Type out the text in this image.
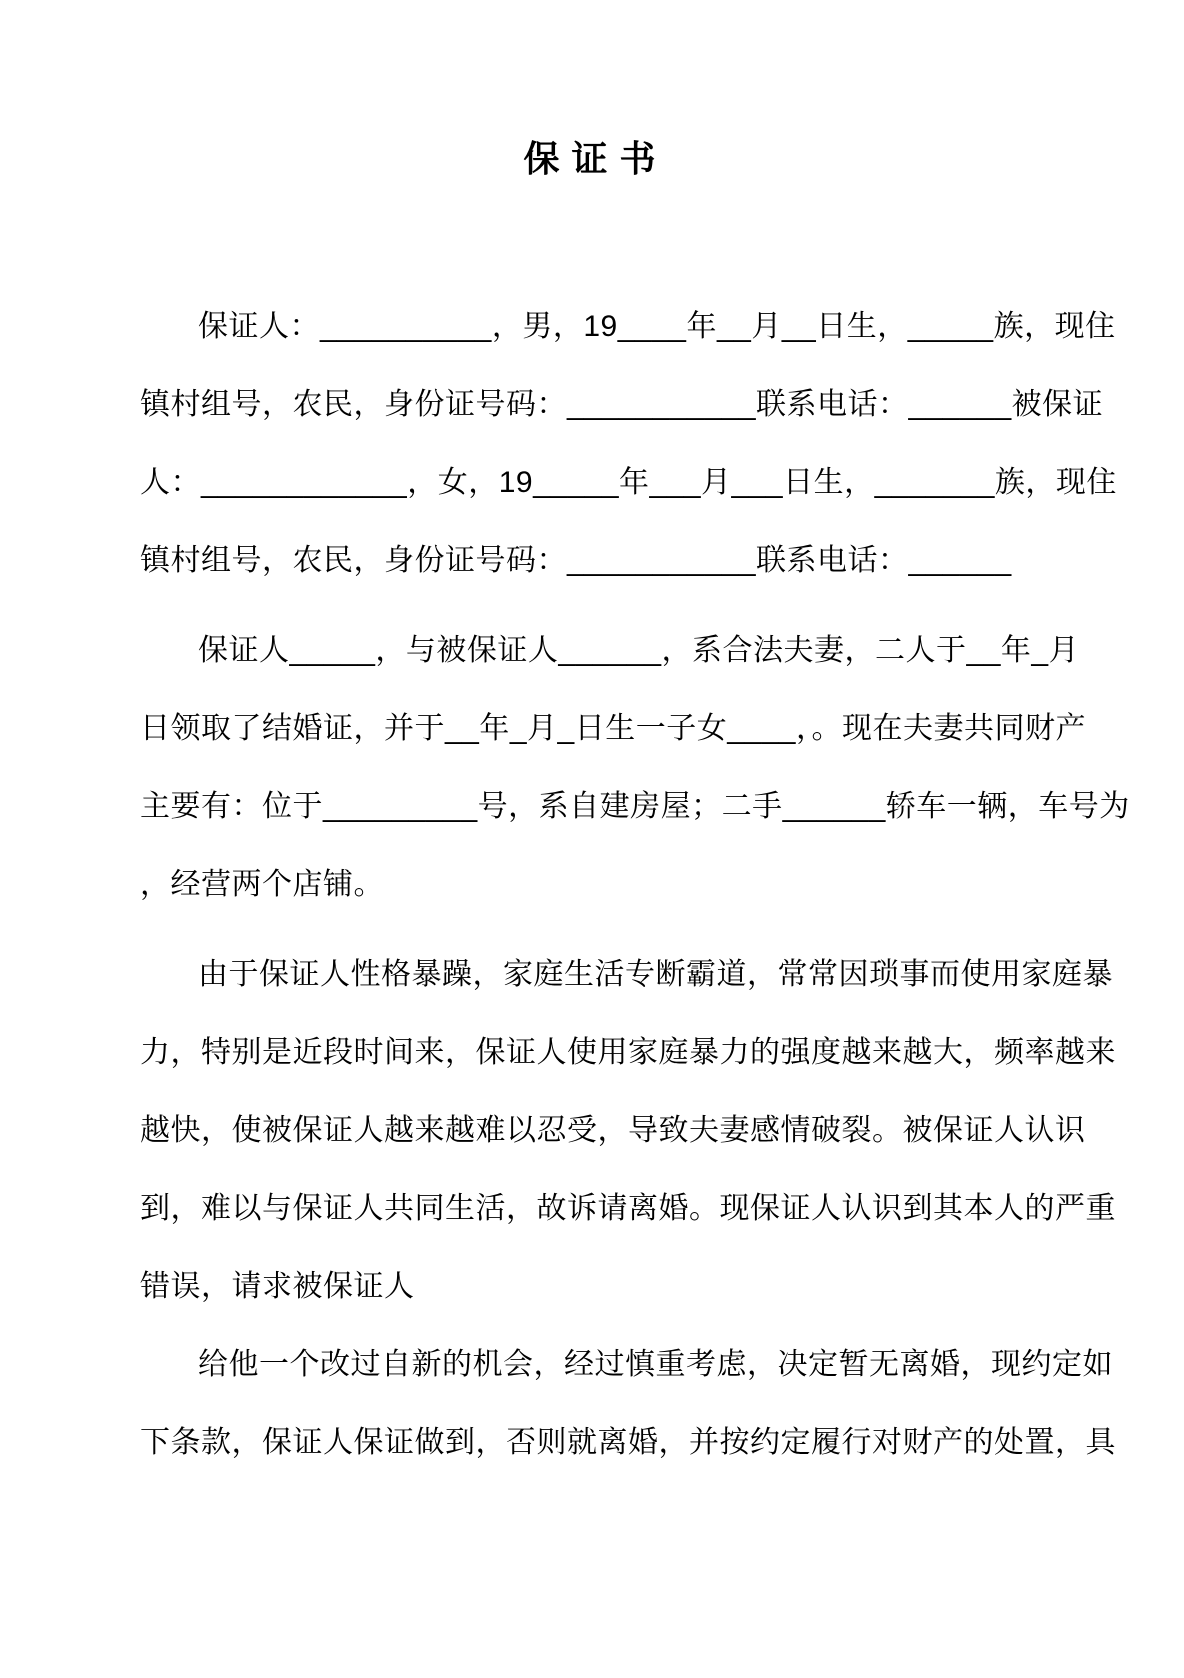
保 证 书
保证人：__________，男，19____年__月__日生，_____族，现住
镇村组号，农民，身份证号码：___________联系电话：______被保证
人：____________，女，19_____年___月___日生，_______族，现住
镇村组号，农民，身份证号码：___________联系电话：______
保证人_____，与被保证人______，系合法夫妻，二人于__年_月
日领取了结婚证，并于__年_月_日生一子女____，。现在夫妻共同财产
主要有：位于_________号，系自建房屋；二手______轿车一辆，车号为
，经营两个店铺。
由于保证人性格暴躁，家庭生活专断霸道，常常因琐事而使用家庭暴
力，特别是近段时间来，保证人使用家庭暴力的强度越来越大，频率越来
越快，使被保证人越来越难以忍受，导致夫妻感情破裂。被保证人认识
到，难以与保证人共同生活，故诉请离婚。现保证人认识到其本人的严重
错误，请求被保证人
给他一个改过自新的机会，经过慎重考虑，决定暂无离婚，现约定如
下条款，保证人保证做到，否则就离婚，并按约定履行对财产的处置，具
